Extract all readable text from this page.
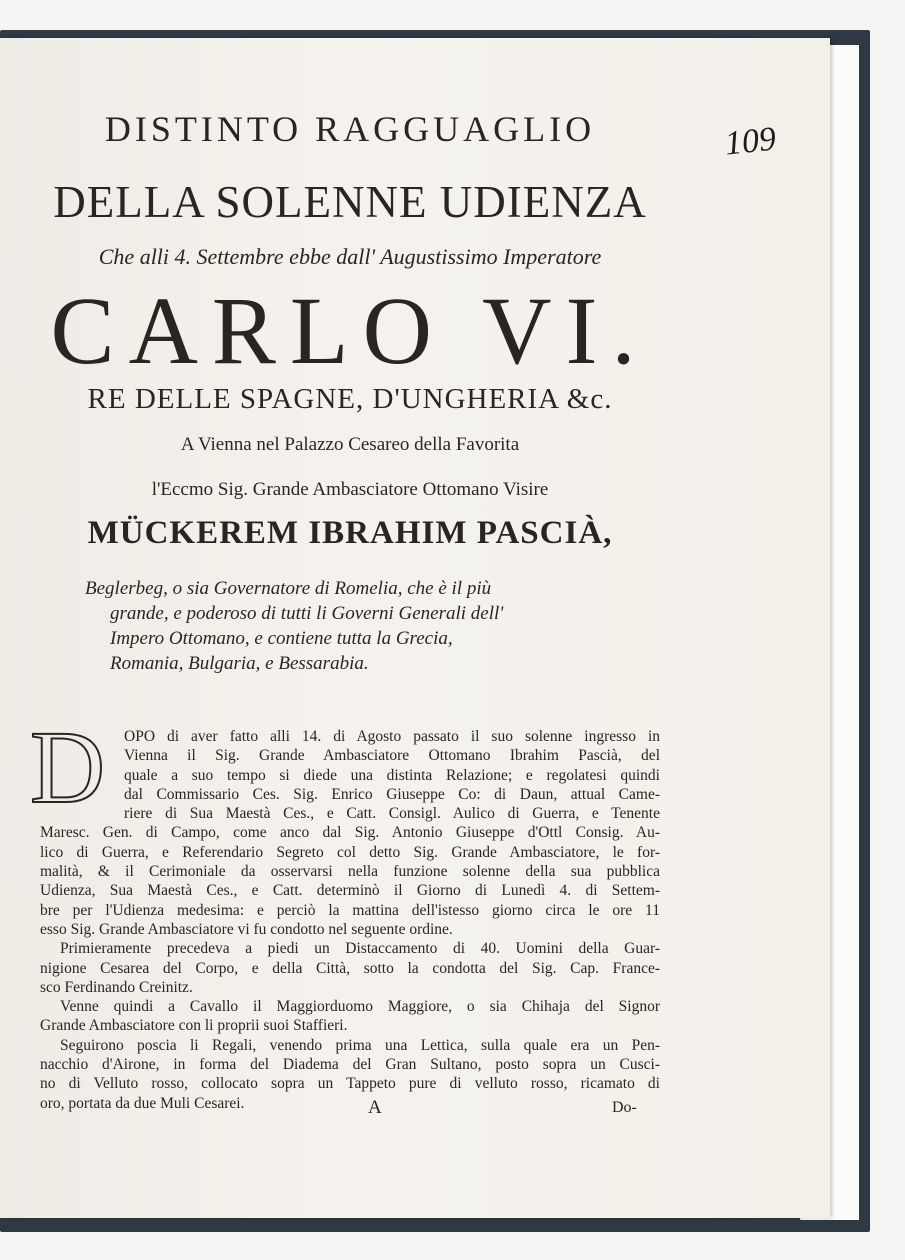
109
DISTINTO RAGGUAGLIO
DELLA SOLENNE UDIENZA
Che alli 4. Settembre ebbe dall' Augustissimo Imperatore
CARLO VI.
RE DELLE SPAGNE, D'UNGHERIA &c.
A Vienna nel Palazzo Cesareo della Favorita
l'Eccmo Sig. Grande Ambasciatore Ottomano Visire
MÜCKEREM IBRAHIM PASCIÀ,
Beglerbeg, o sia Governatore di Romelia, che è il più
grande, e poderoso di tutti li Governi Generali dell'
Impero Ottomano, e contiene tutta la Grecia,
Romania, Bulgaria, e Bessarabia.
D OPO di aver fatto alli 14. di Agosto passato il suo solenne ingresso in
Vienna il Sig. Grande Ambasciatore Ottomano Ibrahim Pascià, del
quale a suo tempo si diede una distinta Relazione; e regolatesi quindi
dal Commissario Ces. Sig. Enrico Giuseppe Co: di Daun, attual Came-
riere di Sua Maestà Ces., e Catt. Consigl. Aulico di Guerra, e Tenente
Maresc. Gen. di Campo, come anco dal Sig. Antonio Giuseppe d'Ottl Consig. Au-
lico di Guerra, e Referendario Segreto col detto Sig. Grande Ambasciatore, le for-
malità, & il Cerimoniale da osservarsi nella funzione solenne della sua pubblica
Udienza, Sua Maestà Ces., e Catt. determinò il Giorno di Lunedì 4. di Settem-
bre per l'Udienza medesima: e perciò la mattina dell'istesso giorno circa le ore 11
esso Sig. Grande Ambasciatore vi fu condotto nel seguente ordine.
Primieramente precedeva a piedi un Distaccamento di 40. Uomini della Guar-
nigione Cesarea del Corpo, e della Città, sotto la condotta del Sig. Cap. France-
sco Ferdinando Creinitz.
Venne quindi a Cavallo il Maggiorduomo Maggiore, o sia Chihaja del Signor
Grande Ambasciatore con li proprii suoi Staffieri.
Seguirono poscia li Regali, venendo prima una Lettica, sulla quale era un Pen-
nacchio d'Airone, in forma del Diadema del Gran Sultano, posto sopra un Cusci-
no di Velluto rosso, collocato sopra un Tappeto pure di velluto rosso, ricamato di
oro, portata da due Muli Cesarei.	A	Do-
